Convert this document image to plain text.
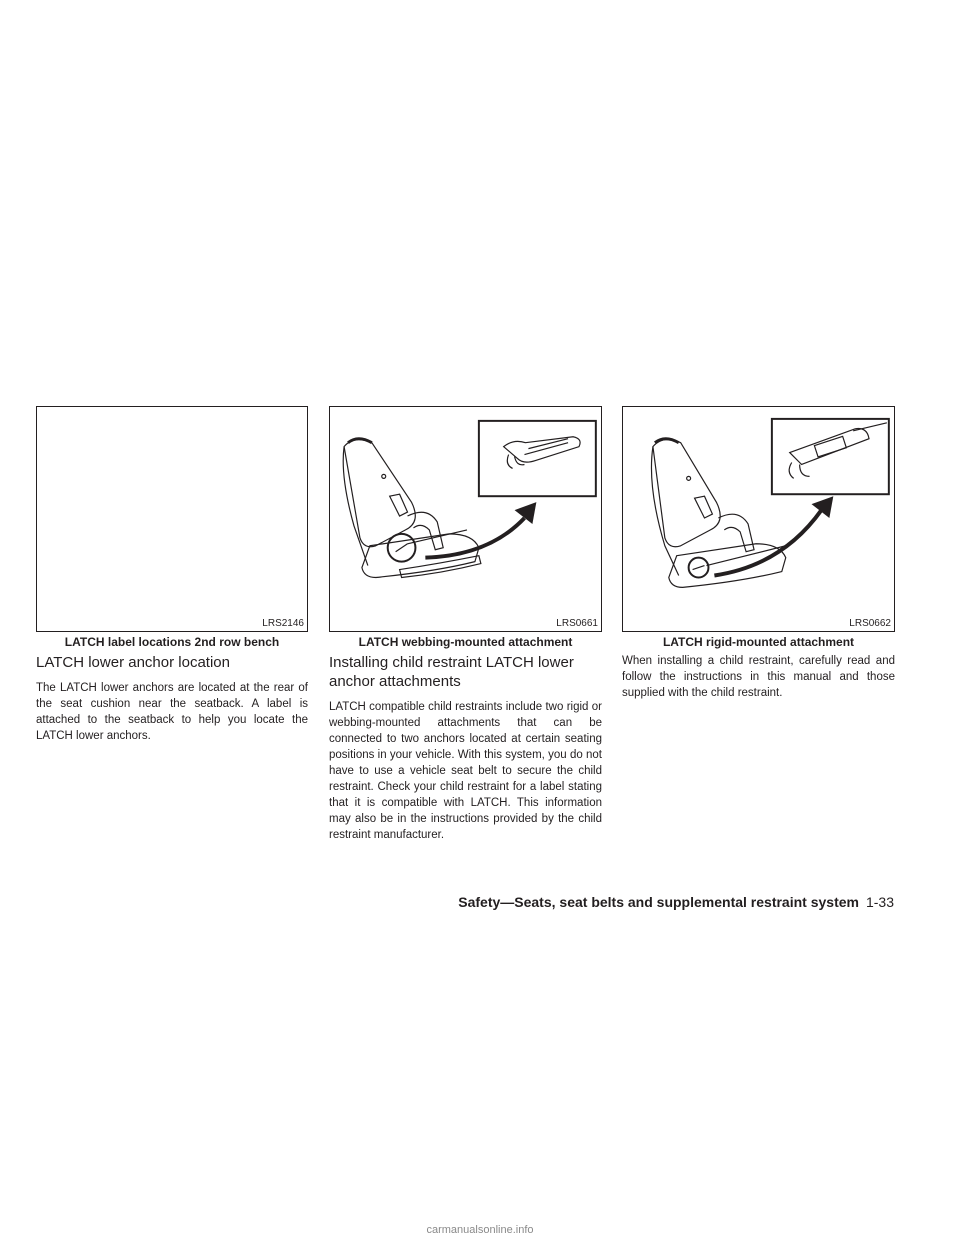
LRS2146
LATCH label locations 2nd row bench
LATCH lower anchor location

The LATCH lower anchors are located at the rear of the seat cushion near the seatback. A label is attached to the seatback to help you locate the LATCH lower anchors.

LRS0661
LATCH webbing-mounted attachment
Installing child restraint LATCH lower anchor attachments

LATCH compatible child restraints include two rigid or webbing-mounted attachments that can be connected to two anchors located at certain seating positions in your vehicle. With this system, you do not have to use a vehicle seat belt to secure the child restraint. Check your child restraint for a label stating that it is compatible with LATCH. This information may also be in the instructions provided by the child restraint manufacturer.

LRS0662
LATCH rigid-mounted attachment

When installing a child restraint, carefully read and follow the instructions in this manual and those supplied with the child restraint.

Safety—Seats, seat belts and supplemental restraint system 1-33
carmanualsonline.info
